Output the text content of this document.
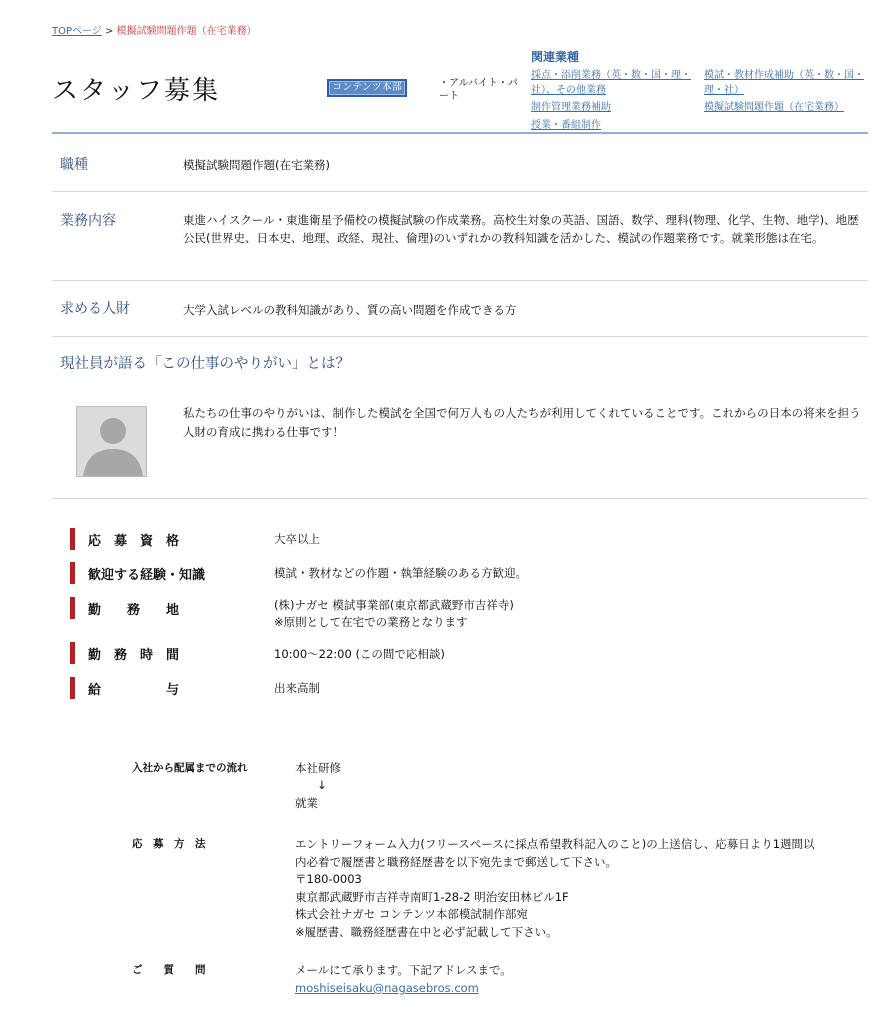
TOPページ > 模擬試験問題作題（在宅業務）
スタッフ募集	コンテンツ本部	・アルバイト・パート
関連業種
採点・添削業務（英・数・国・理・社）、その他業務
模試・教材作成補助（英・数・国・理・社）
制作管理業務補助	模擬試験問題作題（在宅業務）
授業・番組制作
職種	模擬試験問題作題(在宅業務)
業務内容	東進ハイスクール・東進衛星予備校の模擬試験の作成業務。高校生対象の英語、国語、数学、理科(物理、化学、生物、地学)、地歴公民(世界史、日本史、地理、政経、現社、倫理)のいずれかの教科知識を活かした、模試の作題業務です。就業形態は在宅。
求める人財	大学入試レベルの教科知識があり、質の高い問題を作成できる方
現社員が語る「この仕事のやりがい」とは？
私たちの仕事のやりがいは、制作した模試を全国で何万人もの人たちが利用してくれていることです。これからの日本の将来を担う人財の育成に携わる仕事です！
応　募　資　格	大卒以上
歓迎する経験・知識	模試・教材などの作題・執筆経験のある方歓迎。
勤　　務　　地	(株)ナガセ 模試事業部(東京都武蔵野市吉祥寺)
※原則として在宅での業務となります
勤　務　時　間	10:00〜22:00 (この間で応相談)
給　　　　　与	出来高制
入社から配属までの流れ	本社研修
↓
就業
応　募　方　法	エントリーフォーム入力(フリースペースに採点希望教科記入のこと)の上送信し、応募日より1週間以
内必着で履歴書と職務経歴書を以下宛先まで郵送して下さい。
〒180-0003
東京都武蔵野市吉祥寺南町1-28-2 明治安田林ビル1F
株式会社ナガセ コンテンツ本部模試制作部宛
※履歴書、職務経歴書在中と必ず記載して下さい。
ご　　質　　問	メールにて承ります。下記アドレスまで。
moshiseisaku@nagasebros.com
